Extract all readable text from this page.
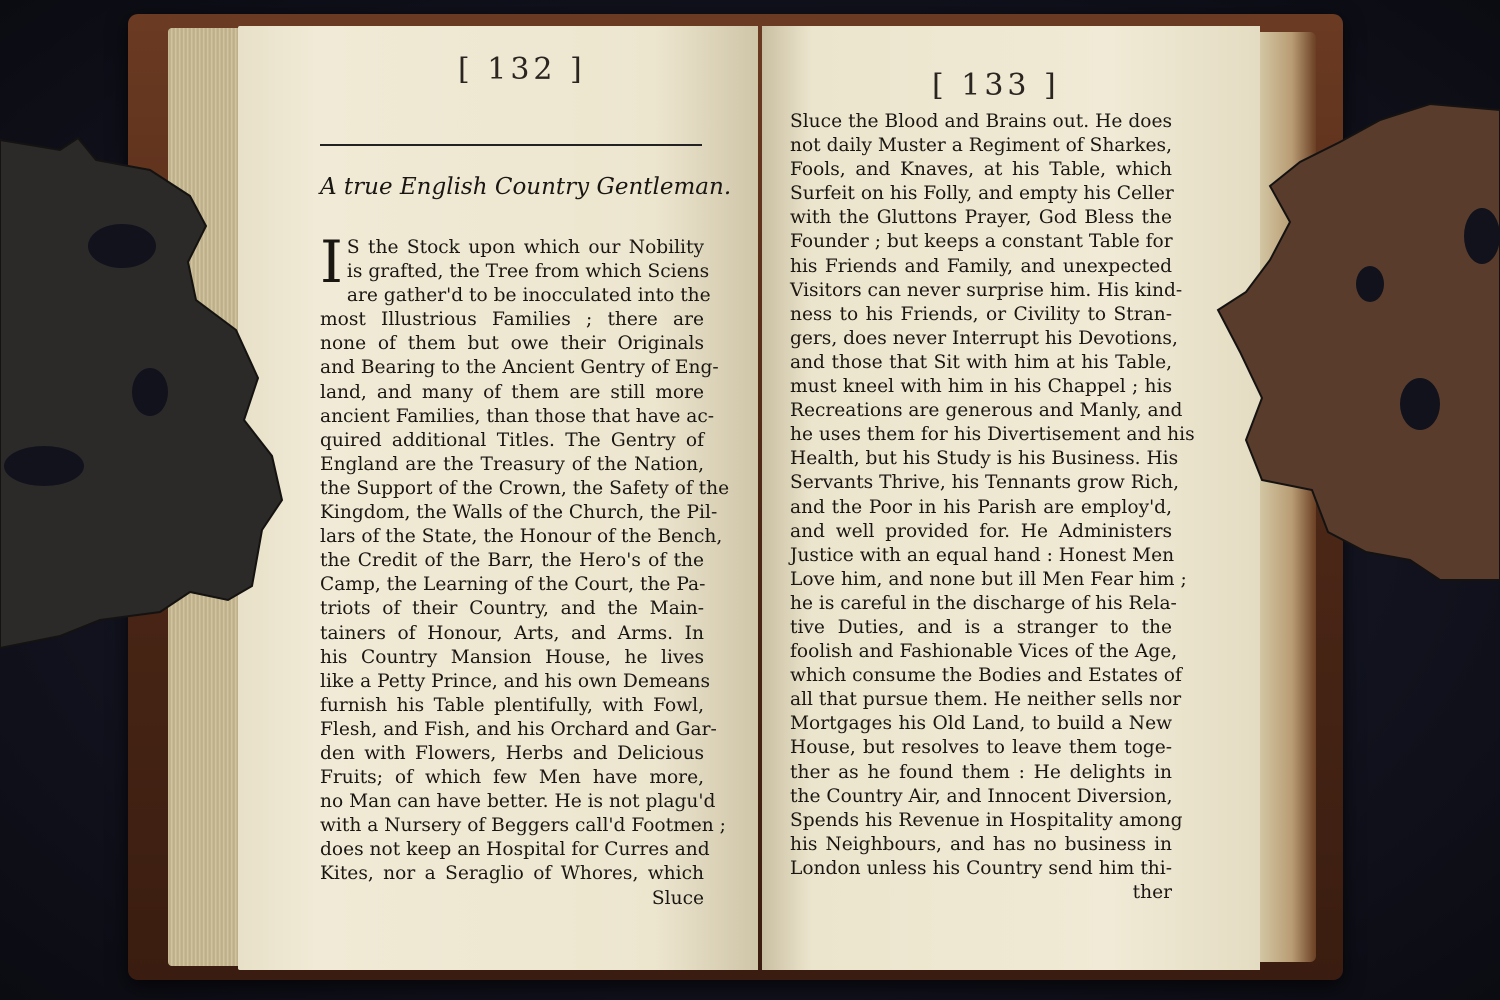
[ 132 ]
A true English Country Gentleman.
I S the Stock upon which our Nobility
is grafted, the Tree from which Sciens
are gather'd to be inocculated into the
most Illustrious Families ; there are
none of them but owe their Originals
and Bearing to the Ancient Gentry of Eng-
land, and many of them are still more
ancient Families, than those that have ac-
quired additional Titles. The Gentry of
England are the Treasury of the Nation,
the Support of the Crown, the Safety of the
Kingdom, the Walls of the Church, the Pil-
lars of the State, the Honour of the Bench,
the Credit of the Barr, the Hero's of the
Camp, the Learning of the Court, the Pa-
triots of their Country, and the Main-
tainers of Honour, Arts, and Arms. In
his Country Mansion House, he lives
like a Petty Prince, and his own Demeans
furnish his Table plentifully, with Fowl,
Flesh, and Fish, and his Orchard and Gar-
den with Flowers, Herbs and Delicious
Fruits; of which few Men have more,
no Man can have better. He is not plagu'd
with a Nursery of Beggers call'd Footmen ;
does not keep an Hospital for Curres and
Kites, nor a Seraglio of Whores, which
Sluce
[ 133 ]
Sluce the Blood and Brains out. He does
not daily Muster a Regiment of Sharkes,
Fools, and Knaves, at his Table, which
Surfeit on his Folly, and empty his Celler
with the Gluttons Prayer, God Bless the
Founder ; but keeps a constant Table for
his Friends and Family, and unexpected
Visitors can never surprise him. His kind-
ness to his Friends, or Civility to Stran-
gers, does never Interrupt his Devotions,
and those that Sit with him at his Table,
must kneel with him in his Chappel ; his
Recreations are generous and Manly, and
he uses them for his Divertisement and his
Health, but his Study is his Business. His
Servants Thrive, his Tennants grow Rich,
and the Poor in his Parish are employ'd,
and well provided for. He Administers
Justice with an equal hand : Honest Men
Love him, and none but ill Men Fear him ;
he is careful in the discharge of his Rela-
tive Duties, and is a stranger to the
foolish and Fashionable Vices of the Age,
which consume the Bodies and Estates of
all that pursue them. He neither sells nor
Mortgages his Old Land, to build a New
House, but resolves to leave them toge-
ther as he found them : He delights in
the Country Air, and Innocent Diversion,
Spends his Revenue in Hospitality among
his Neighbours, and has no business in
London unless his Country send him thi-
ther
